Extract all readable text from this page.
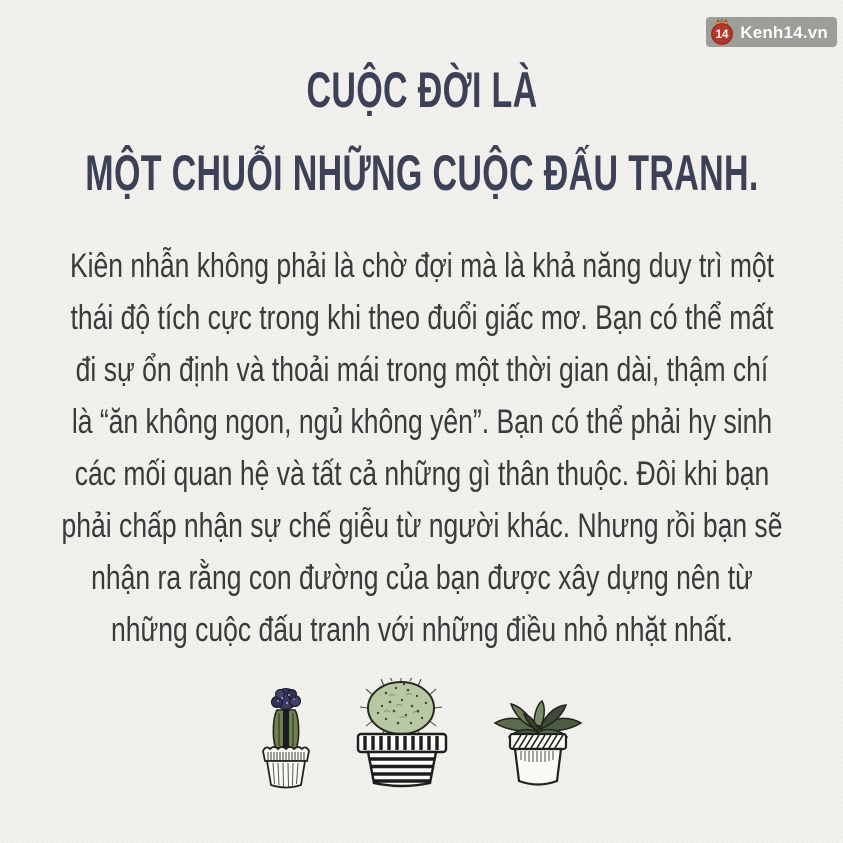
14 Kenh14.vn
CUỘC ĐỜI LÀ
MỘT CHUỖI NHỮNG CUỘC ĐẤU TRANH.
Kiên nhẫn không phải là chờ đợi mà là khả năng duy trì một
thái độ tích cực trong khi theo đuổi giấc mơ. Bạn có thể mất
đi sự ổn định và thoải mái trong một thời gian dài, thậm chí
là “ăn không ngon, ngủ không yên”. Bạn có thể phải hy sinh
các mối quan hệ và tất cả những gì thân thuộc. Đôi khi bạn
phải chấp nhận sự chế giễu từ người khác. Nhưng rồi bạn sẽ
nhận ra rằng con đường của bạn được xây dựng nên từ
những cuộc đấu tranh với những điều nhỏ nhặt nhất.
